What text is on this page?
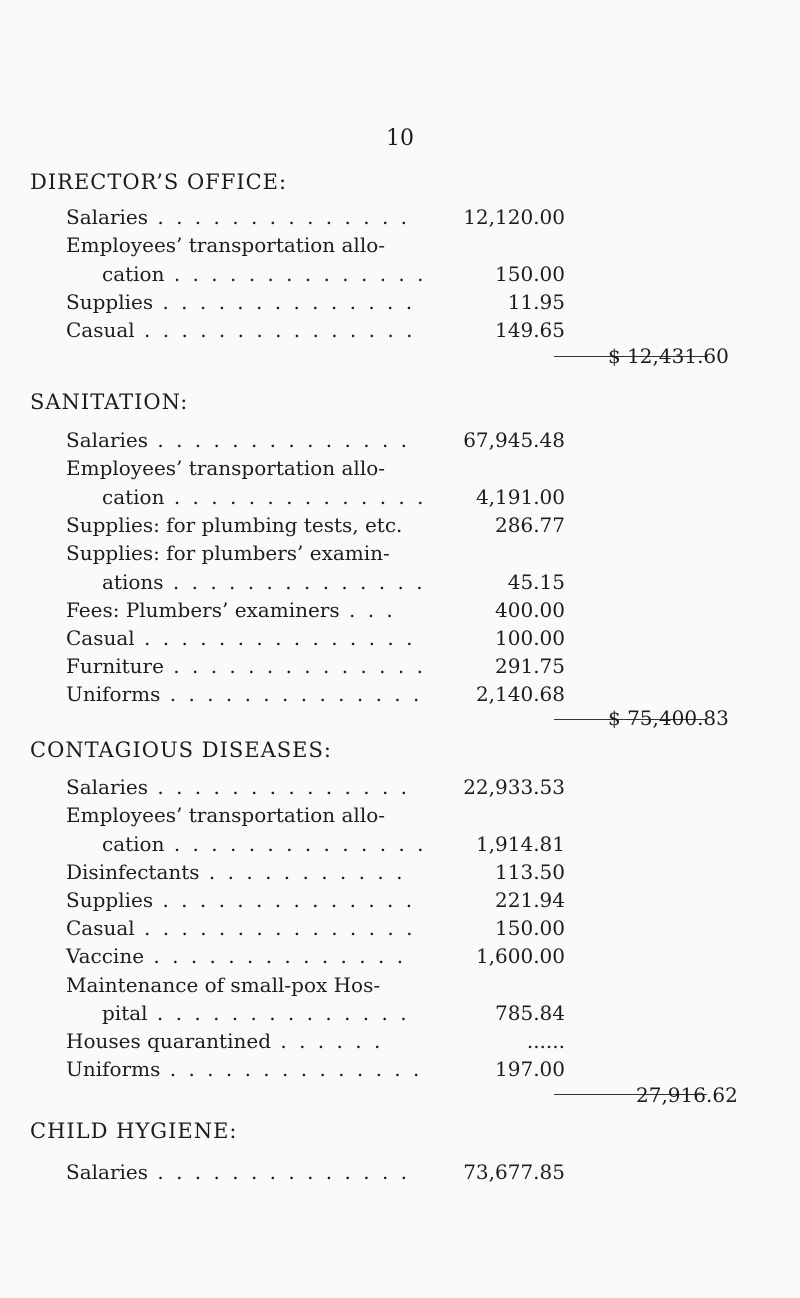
10
DIRECTOR’S OFFICE:
Salaries . . . . . . . . . . . . . .	12,120.00
Employees’ transportation allo-
cation . . . . . . . . . . . . . .	150.00
Supplies . . . . . . . . . . . . . .	11.95
Casual . . . . . . . . . . . . . . .	149.65
$ 12,431.60
SANITATION:
Salaries . . . . . . . . . . . . . .	67,945.48
Employees’ transportation allo-
cation . . . . . . . . . . . . . .	4,191.00
Supplies: for plumbing tests, etc.	286.77
Supplies: for plumbers’ examin-
ations . . . . . . . . . . . . . .	45.15
Fees: Plumbers’ examiners . . .	400.00
Casual . . . . . . . . . . . . . . .	100.00
Furniture . . . . . . . . . . . . . .	291.75
Uniforms . . . . . . . . . . . . . .	2,140.68
$ 75,400.83
CONTAGIOUS DISEASES:
Salaries . . . . . . . . . . . . . .	22,933.53
Employees’ transportation allo-
cation . . . . . . . . . . . . . .	1,914.81
Disinfectants . . . . . . . . . . .	113.50
Supplies . . . . . . . . . . . . . .	221.94
Casual . . . . . . . . . . . . . . .	150.00
Vaccine . . . . . . . . . . . . . .	1,600.00
Maintenance of small-pox Hos-
pital . . . . . . . . . . . . . .	785.84
Houses quarantined . . . . . .	......
Uniforms . . . . . . . . . . . . . .	197.00
27,916.62
CHILD HYGIENE:
Salaries . . . . . . . . . . . . . .	73,677.85
